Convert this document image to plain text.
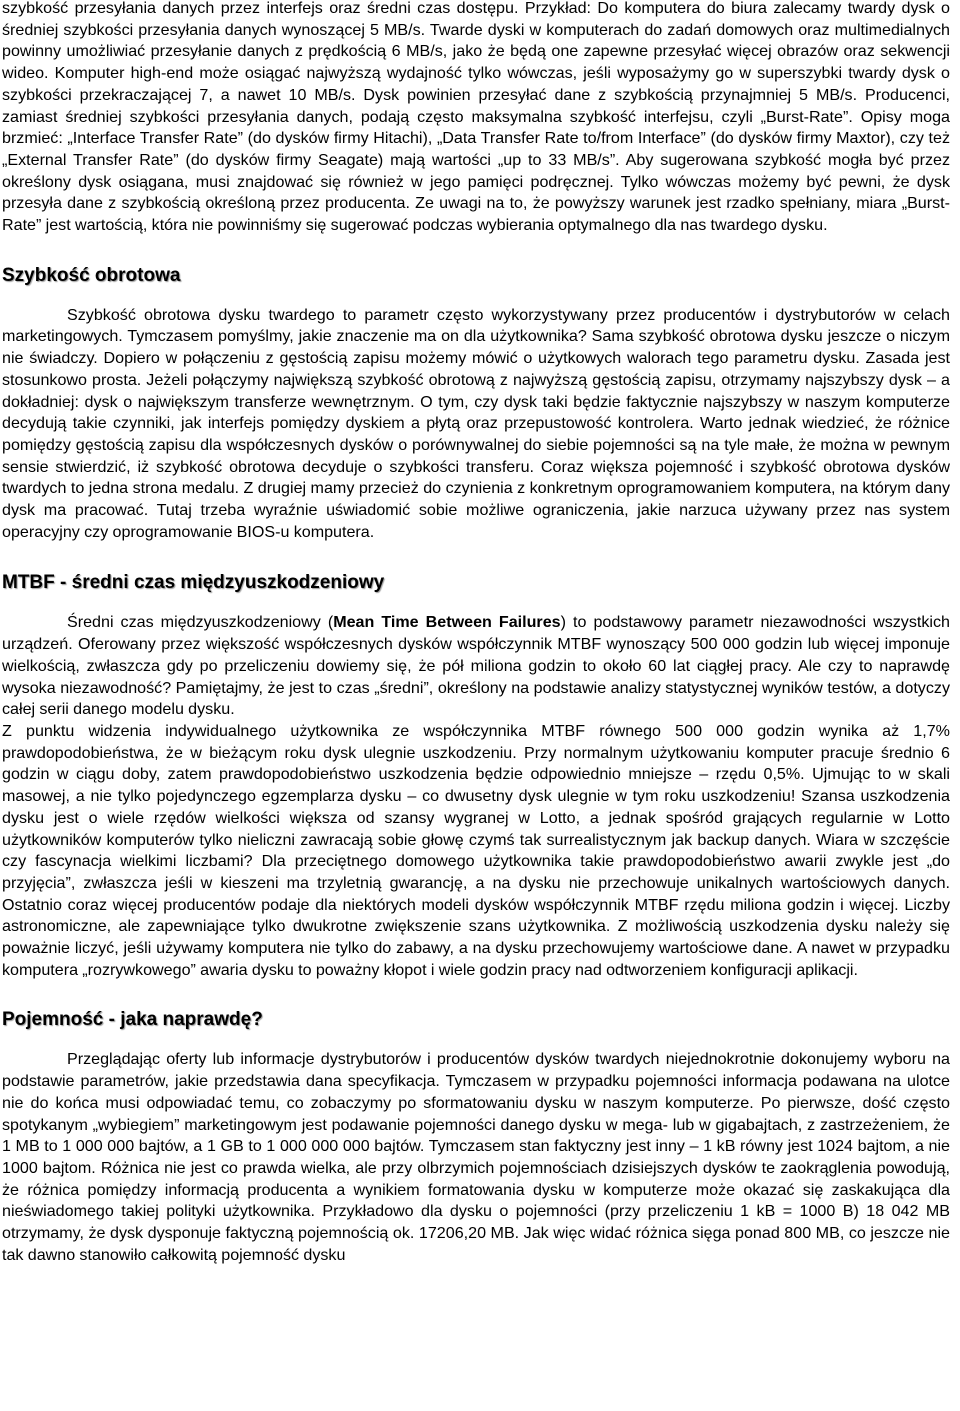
szybkość przesyłania danych przez interfejs oraz średni czas dostępu. Przykład: Do komputera do biura zalecamy twardy dysk o średniej szybkości przesyłania danych wynoszącej 5 MB/s. Twarde dyski w komputerach do zadań domowych oraz multimedialnych powinny umożliwiać przesyłanie danych z prędkością 6 MB/s, jako że będą one zapewne przesyłać więcej obrazów oraz sekwencji wideo. Komputer high-end może osiągać najwyższą wydajność tylko wówczas, jeśli wyposażymy go w superszybki twardy dysk o szybkości przekraczającej 7, a nawet 10 MB/s. Dysk powinien przesyłać dane z szybkością przynajmniej 5 MB/s. Producenci, zamiast średniej szybkości przesyłania danych, podają często maksymalna szybkość interfejsu, czyli „Burst-Rate”. Opisy moga brzmieć: „Interface Transfer Rate” (do dysków firmy Hitachi), „Data Transfer Rate to/from Interface” (do dysków firmy Maxtor), czy też „External Transfer Rate” (do dysków firmy Seagate) mają wartości „up to 33 MB/s”. Aby sugerowana szybkość mogła być przez określony dysk osiągana, musi znajdować się również w jego pamięci podręcznej. Tylko wówczas możemy być pewni, że dysk przesyła dane z szybkością określoną przez producenta. Ze uwagi na to, że powyższy warunek jest rzadko spełniany, miara „Burst-Rate” jest wartością, która nie powinniśmy się sugerować podczas wybierania optymalnego dla nas twardego dysku.

Szybkość obrotowa

Szybkość obrotowa dysku twardego to parametr często wykorzystywany przez producentów i dystrybutorów w celach marketingowych. Tymczasem pomyślmy, jakie znaczenie ma on dla użytkownika? Sama szybkość obrotowa dysku jeszcze o niczym nie świadczy. Dopiero w połączeniu z gęstością zapisu możemy mówić o użytkowych walorach tego parametru dysku. Zasada jest stosunkowo prosta. Jeżeli połączymy największą szybkość obrotową z najwyższą gęstością zapisu, otrzymamy najszybszy dysk – a dokładniej: dysk o największym transferze wewnętrznym. O tym, czy dysk taki będzie faktycznie najszybszy w naszym komputerze decydują takie czynniki, jak interfejs pomiędzy dyskiem a płytą oraz przepustowość kontrolera. Warto jednak wiedzieć, że różnice pomiędzy gęstością zapisu dla współczesnych dysków o porównywalnej do siebie pojemności są na tyle małe, że można w pewnym sensie stwierdzić, iż szybkość obrotowa decyduje o szybkości transferu. Coraz większa pojemność i szybkość obrotowa dysków twardych to jedna strona medalu. Z drugiej mamy przecież do czynienia z konkretnym oprogramowaniem komputera, na którym dany dysk ma pracować. Tutaj trzeba wyraźnie uświadomić sobie możliwe ograniczenia, jakie narzuca używany przez nas system operacyjny czy oprogramowanie BIOS-u komputera.

MTBF - średni czas międzyuszkodzeniowy

Średni czas międzyuszkodzeniowy (Mean Time Between Failures) to podstawowy parametr niezawodności wszystkich urządzeń. Oferowany przez większość współczesnych dysków współczynnik MTBF wynoszący 500 000 godzin lub więcej imponuje wielkością, zwłaszcza gdy po przeliczeniu dowiemy się, że pół miliona godzin to około 60 lat ciągłej pracy. Ale czy to naprawdę wysoka niezawodność? Pamiętajmy, że jest to czas „średni”, określony na podstawie analizy statystycznej wyników testów, a dotyczy całej serii danego modelu dysku.

Z punktu widzenia indywidualnego użytkownika ze współczynnika MTBF równego 500 000 godzin wynika aż 1,7% prawdopodobieństwa, że w bieżącym roku dysk ulegnie uszkodzeniu. Przy normalnym użytkowaniu komputer pracuje średnio 6 godzin w ciągu doby, zatem prawdopodobieństwo uszkodzenia będzie odpowiednio mniejsze – rzędu 0,5%. Ujmując to w skali masowej, a nie tylko pojedynczego egzemplarza dysku – co dwusetny dysk ulegnie w tym roku uszkodzeniu! Szansa uszkodzenia dysku jest o wiele rzędów wielkości większa od szansy wygranej w Lotto, a jednak spośród grających regularnie w Lotto użytkowników komputerów tylko nieliczni zawracają sobie głowę czymś tak surrealistycznym jak backup danych. Wiara w szczęście czy fascynacja wielkimi liczbami? Dla przeciętnego domowego użytkownika takie prawdopodobieństwo awarii zwykle jest „do przyjęcia”, zwłaszcza jeśli w kieszeni ma trzyletnią gwarancję, a na dysku nie przechowuje unikalnych wartościowych danych. Ostatnio coraz więcej producentów podaje dla niektórych modeli dysków współczynnik MTBF rzędu miliona godzin i więcej. Liczby astronomiczne, ale zapewniające tylko dwukrotne zwiększenie szans użytkownika. Z możliwością uszkodzenia dysku należy się poważnie liczyć, jeśli używamy komputera nie tylko do zabawy, a na dysku przechowujemy wartościowe dane. A nawet w przypadku komputera „rozrywkowego” awaria dysku to poważny kłopot i wiele godzin pracy nad odtworzeniem konfiguracji aplikacji.

Pojemność - jaka naprawdę?

Przeglądając oferty lub informacje dystrybutorów i producentów dysków twardych niejednokrotnie dokonujemy wyboru na podstawie parametrów, jakie przedstawia dana specyfikacja. Tymczasem w przypadku pojemności informacja podawana na ulotce nie do końca musi odpowiadać temu, co zobaczymy po sformatowaniu dysku w naszym komputerze. Po pierwsze, dość często spotykanym „wybiegiem” marketingowym jest podawanie pojemności danego dysku w mega- lub w gigabajtach, z zastrzeżeniem, że 1 MB to 1 000 000 bajtów, a 1 GB to 1 000 000 000 bajtów. Tymczasem stan faktyczny jest inny – 1 kB równy jest 1024 bajtom, a nie 1000 bajtom. Różnica nie jest co prawda wielka, ale przy olbrzymich pojemnościach dzisiejszych dysków te zaokrąglenia powodują, że różnica pomiędzy informacją producenta a wynikiem formatowania dysku w komputerze może okazać się zaskakująca dla nieświadomego takiej polityki użytkownika. Przykładowo dla dysku o pojemności (przy przeliczeniu 1 kB = 1000 B) 18 042 MB otrzymamy, że dysk dysponuje faktyczną pojemnością ok. 17206,20 MB. Jak więc widać różnica sięga ponad 800 MB, co jeszcze nie tak dawno stanowiło całkowitą pojemność dysku
